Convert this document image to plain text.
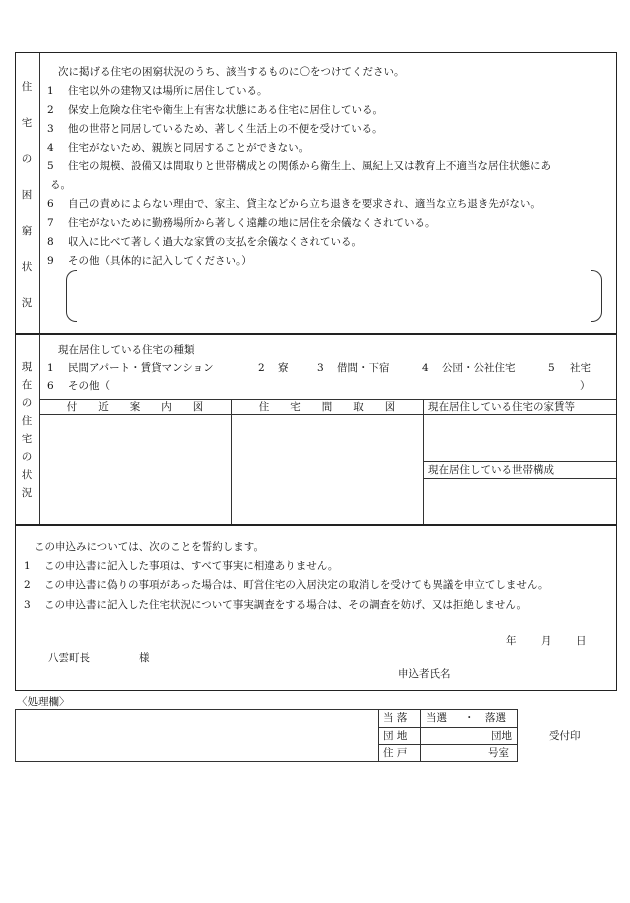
住
宅
の
困
窮
状
況
次に掲げる住宅の困窮状況のうち、該当するものに〇をつけてください。
1 住宅以外の建物又は場所に居住している。
2 保安上危険な住宅や衛生上有害な状態にある住宅に居住している。
3 他の世帯と同居しているため、著しく生活上の不便を受けている。
4 住宅がないため、親族と同居することができない。
5 住宅の規模、設備又は間取りと世帯構成との関係から衛生上、風紀上又は教育上不適当な居住状態にあ
る。
6 自己の責めによらない理由で、家主、貸主などから立ち退きを要求され、適当な立ち退き先がない。
7 住宅がないために勤務場所から著しく遠離の地に居住を余儀なくされている。
8 収入に比べて著しく過大な家賃の支払を余儀なくされている。
9 その他（具体的に記入してください。）
現
在
の
住
宅
の
状
況
現在居住している住宅の種類
1 民間アパート・賃貸マンション	2 寮	3 借間・下宿	4 公団・公社住宅	5 社宅
6 その他（	）
付　　近　　案　　内　　図	住　　宅　　間　　取　　図	現在居住している住宅の家賃等
現在居住している世帯構成
この申込みについては、次のことを誓約します。
1 この申込書に記入した事項は、すべて事実に相違ありません。
2 この申込書に偽りの事項があった場合は、町営住宅の入居決定の取消しを受けても異議を申立てしません。
3 この申込書に記入した住宅状況について事実調査をする場合は、その調査を妨げ、又は拒絶しません。
年 月 日
八雲町長	様
申込者氏名
〈処理欄〉
当 落 当選 ・ 落選
団 地	団地
住 戸	号室
受付印
